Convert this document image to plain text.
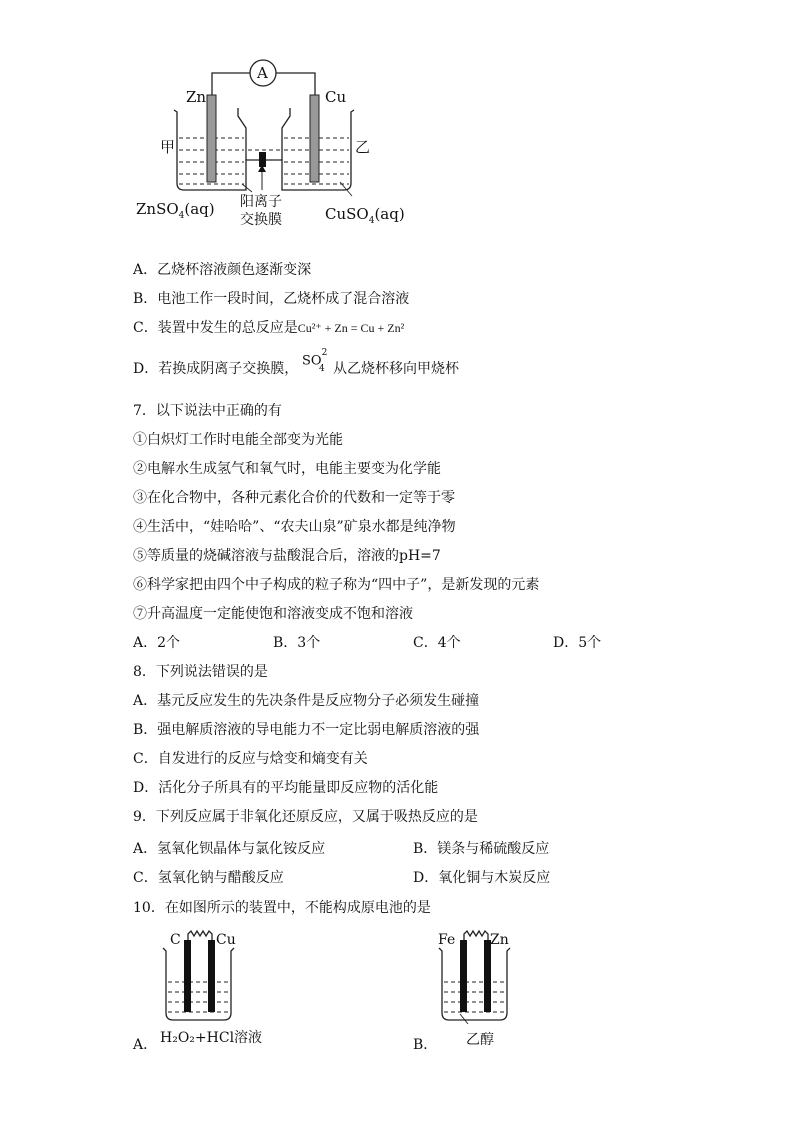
A
Zn	Cu
甲	乙
ZnSO$_4$(aq) 阳离子
交换膜	CuSO$_4$(aq)
A．乙烧杯溶液颜色逐渐变深
B．电池工作一段时间，乙烧杯成了混合溶液
C．装置中发生的总反应是Cu²⁺ + Zn = Cu + Zn²
D．若换成阴离子交换膜，
$SO^2$
4 从乙烧杯移向甲烧杯
7．以下说法中正确的有
①白炽灯工作时电能全部变为光能
②电解水生成氢气和氧气时，电能主要变为化学能
③在化合物中，各种元素化合价的代数和一定等于零
④生活中，“娃哈哈”、“农夫山泉”矿泉水都是纯净物
⑤等质量的烧碱溶液与盐酸混合后，溶液的pH=7
⑥科学家把由四个中子构成的粒子称为“四中子”，是新发现的元素
⑦升高温度一定能使饱和溶液变成不饱和溶液
A．2个	B．3个	C．4个	D．5个
8．下列说法错误的是
A．基元反应发生的先决条件是反应物分子必须发生碰撞
B．强电解质溶液的导电能力不一定比弱电解质溶液的强
C．自发进行的反应与焓变和熵变有关
D．活化分子所具有的平均能量即反应物的活化能
9．下列反应属于非氧化还原反应，又属于吸热反应的是
A．氢氧化钡晶体与氯化铵反应	B．镁条与稀硫酸反应
C．氢氧化钠与醋酸反应	D．氧化铜与木炭反应
10．在如图所示的装置中，不能构成原电池的是
C	Cu
A． H₂O₂+HCl溶液
Fe Zn
B． 乙醇
